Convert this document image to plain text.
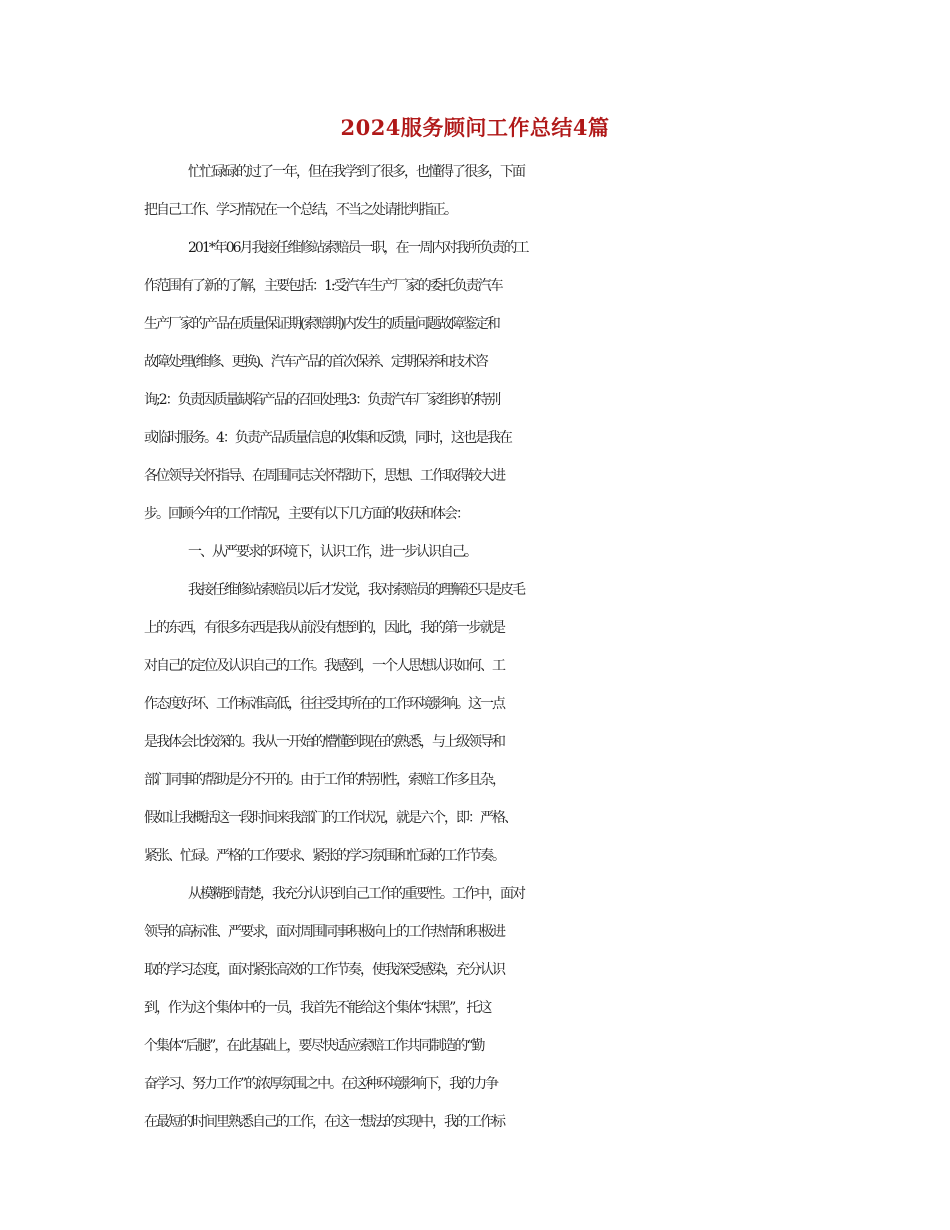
2024服务顾问工作总结4篇
忙忙碌碌的过了一年，但在我学到了很多，也懂得了很多，下面
把自己工作、学习情况在一个总结，不当之处请批判指正。
201*年06月我接任维修站索赔员一职，在一周内对我所负责的工
作范围有了新的了解，主要包括：1:受汽车生产厂家的委托负责汽车
生产厂家的产品在质量保证期(索赔期)内发生的质量问题故障鉴定和
故障处理(维修、更换)、汽车产品的首次保养、定期保养和技术咨
询;2：负责因质量缺陷产品的召回处理;3：负责汽车厂家组织的特别
或临时服务。4：负责产品质量信息的收集和反馈，同时，这也是我在
各位领导关怀指导、在周围同志关怀帮助下，思想、工作取得较大进
步。回顾今年的工作情况，主要有以下几方面的收获和体会：
一、从严要求的环境下，认识工作，进一步认识自己。
我接任维修站索赔员以后才发觉，我对索赔员的理解还只是皮毛
上的东西，有很多东西是我从前没有想到的，因此，我的第一步就是
对自己的定位及认识自己的工作。我感到，一个人思想认识如何、工
作态度好坏、工作标准高低，往往受其所在的工作环境影响。这一点
是我体会比较深的。我从一开始的懵懂到现在的熟悉，与上级领导和
部门同事的帮助是分不开的。由于工作的特别性，索赔工作多且杂，
假如让我概括这一段时间来我部门的工作状况，就是六个，即：严格、
紧张、忙碌。严格的工作要求、紧张的学习氛围和忙碌的工作节奏。
从模糊到清楚，我充分认识到自己工作的重要性。工作中，面对
领导的高标准、严要求，面对周围同事积极向上的工作热情和积极进
取的学习态度，面对紧张高效的工作节奏，使我深受感染，充分认识
到，作为这个集体中的一员，我首先不能给这个集体“抹黑”，托这
个集体“后腿”，在此基础上，要尽快适应索赔工作共同制造的“勤
奋学习、努力工作”的浓厚氛围之中。在这种环境影响下，我的力争
在最短的时间里熟悉自己的工作，在这一想法的实现中，我的工作标
